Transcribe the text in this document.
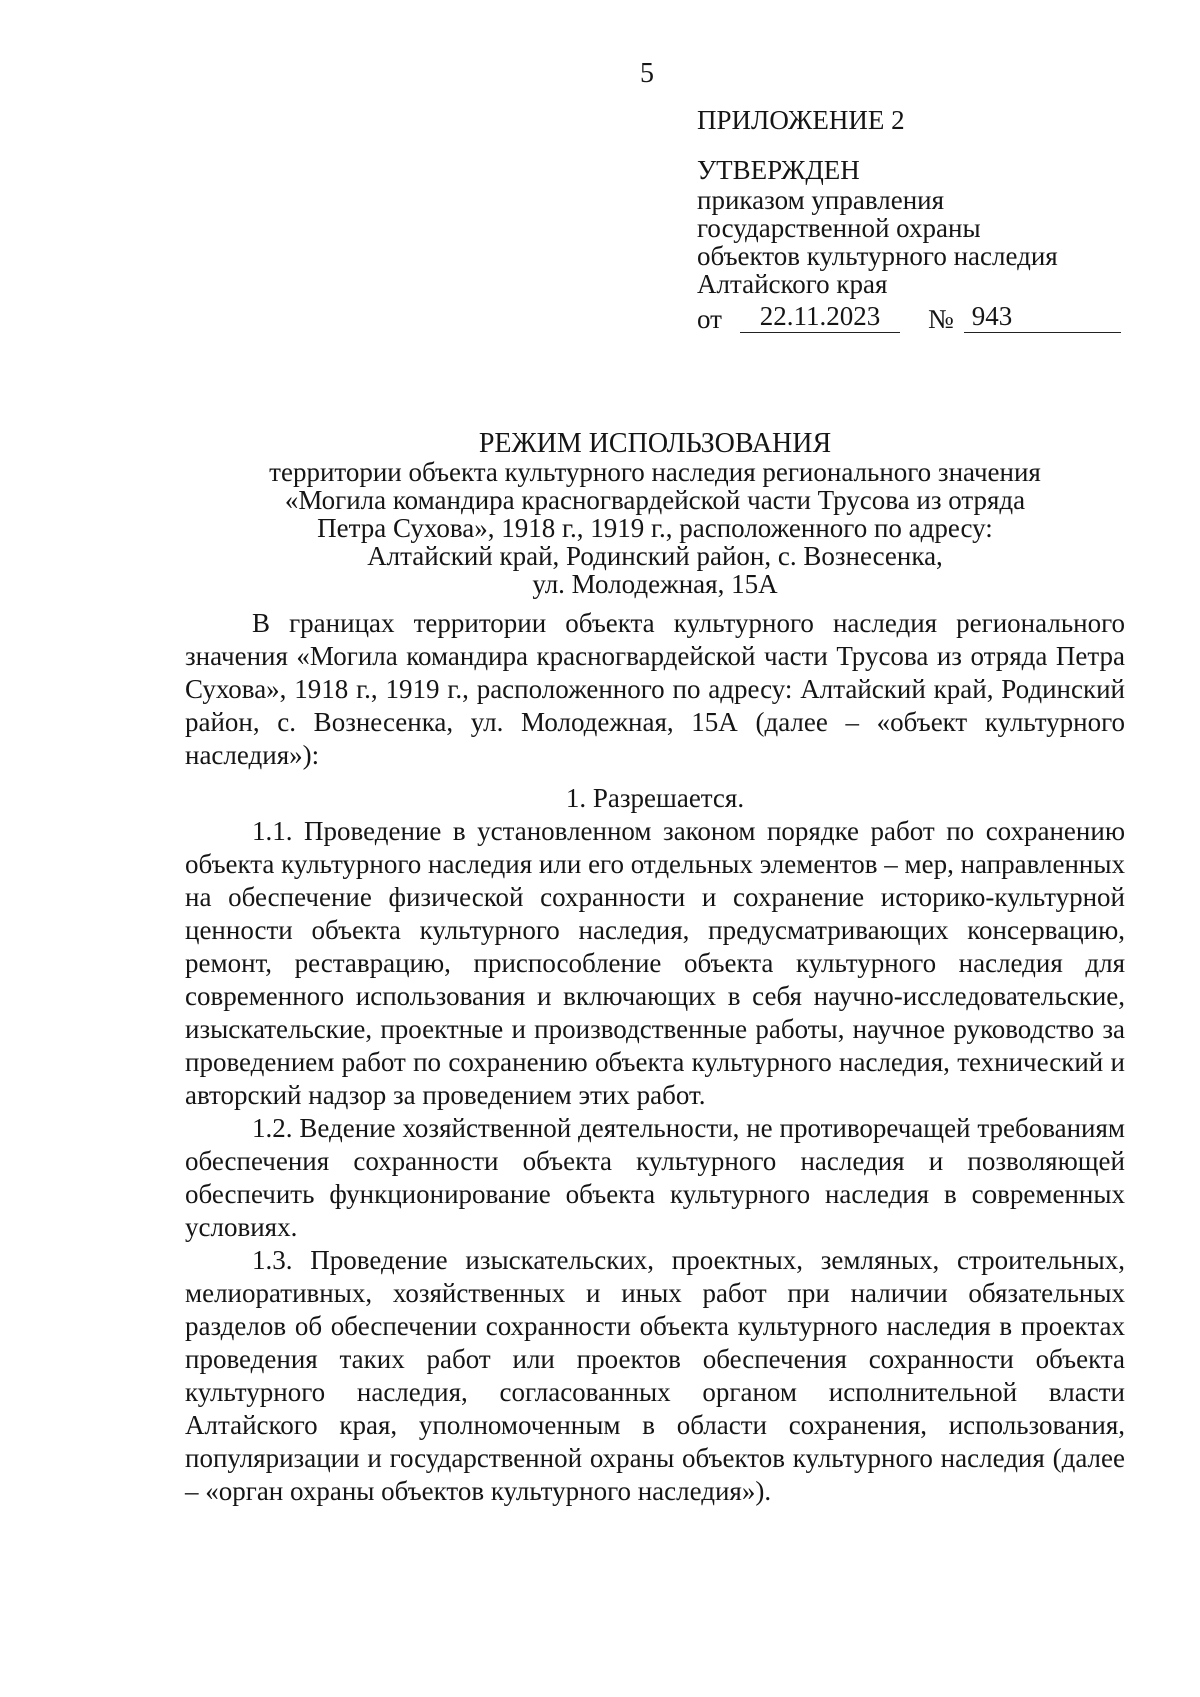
5
ПРИЛОЖЕНИЕ 2
УТВЕРЖДЕН
приказом управления
государственной охраны
объектов культурного наследия
Алтайского края
от	22.11.2023	№ 943
РЕЖИМ ИСПОЛЬЗОВАНИЯ
территории объекта культурного наследия регионального значения
«Могила командира красногвардейской части Трусова из отряда
Петра Сухова», 1918 г., 1919 г., расположенного по адресу:
Алтайский край, Родинский район, с. Вознесенка,
ул. Молодежная, 15А

В границах территории объекта культурного наследия регионального значения «Могила командира красногвардейской части Трусова из отряда Петра Сухова», 1918 г., 1919 г., расположенного по адресу: Алтайский край, Родинский район, с. Вознесенка, ул. Молодежная, 15А (далее – «объект культурного наследия»):

1. Разрешается.

1.1. Проведение в установленном законом порядке работ по сохранению объекта культурного наследия или его отдельных элементов – мер, направленных на обеспечение физической сохранности и сохранение историко-культурной ценности объекта культурного наследия, предусматривающих консервацию, ремонт, реставрацию, приспособление объекта культурного наследия для современного использования и включающих в себя научно-исследовательские, изыскательские, проектные и производственные работы, научное руководство за проведением работ по сохранению объекта культурного наследия, технический и авторский надзор за проведением этих работ.

1.2. Ведение хозяйственной деятельности, не противоречащей требованиям обеспечения сохранности объекта культурного наследия и позволяющей обеспечить функционирование объекта культурного наследия в современных условиях.

1.3. Проведение изыскательских, проектных, земляных, строительных, мелиоративных, хозяйственных и иных работ при наличии обязательных разделов об обеспечении сохранности объекта культурного наследия в проектах проведения таких работ или проектов обеспечения сохранности объекта культурного наследия, согласованных органом исполнительной власти Алтайского края, уполномоченным в области сохранения, использования, популяризации и государственной охраны объектов культурного наследия (далее – «орган охраны объектов культурного наследия»).
